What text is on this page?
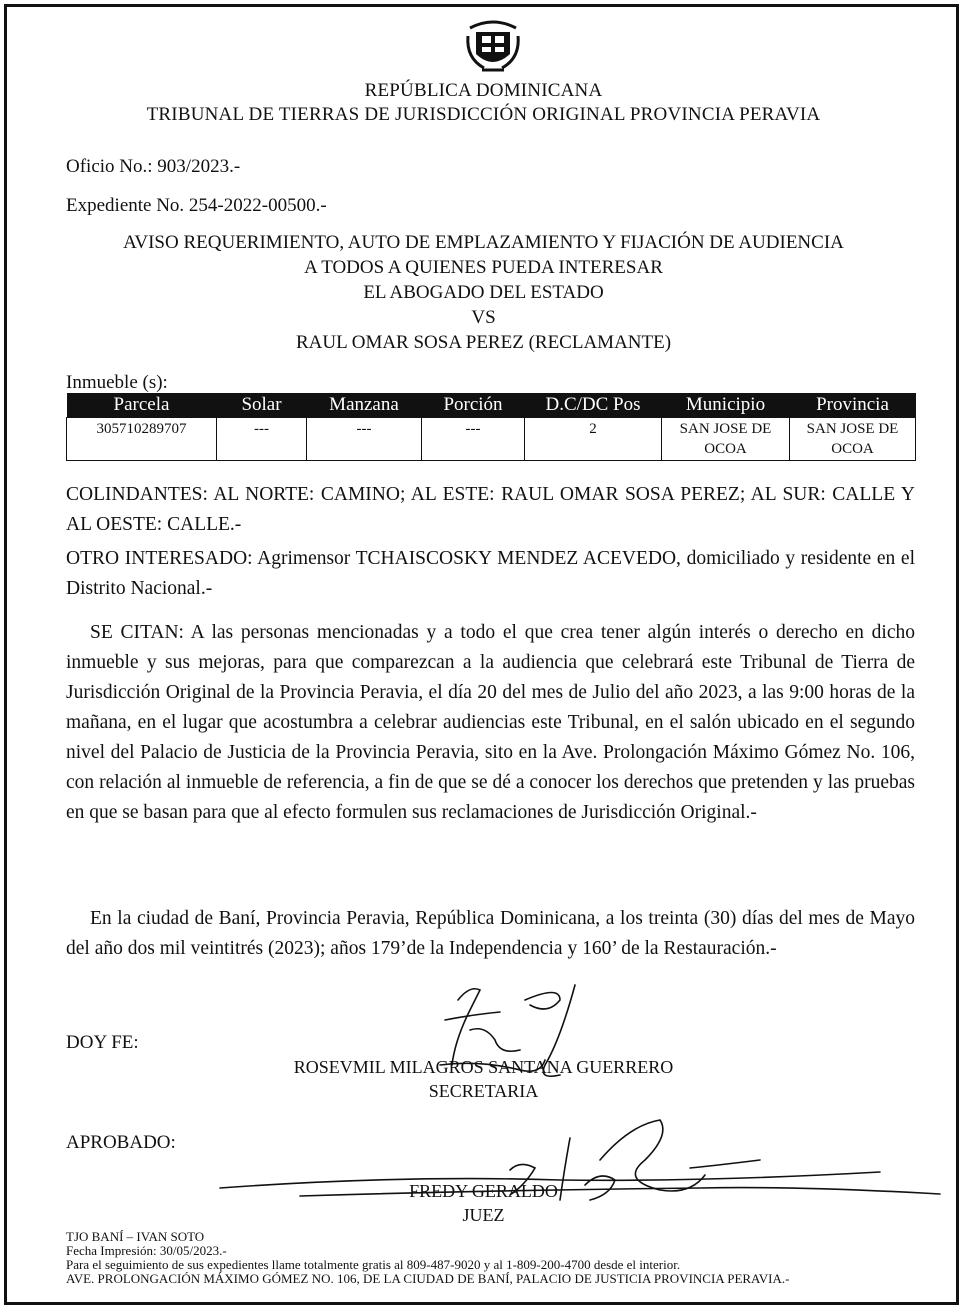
REPÚBLICA DOMINICANA
TRIBUNAL DE TIERRAS DE JURISDICCIÓN ORIGINAL PROVINCIA PERAVIA
Oficio No.: 903/2023.-
Expediente No. 254-2022-00500.-
AVISO REQUERIMIENTO, AUTO DE EMPLAZAMIENTO Y FIJACIÓN DE AUDIENCIA
A TODOS A QUIENES PUEDA INTERESAR
EL ABOGADO DEL ESTADO
VS
RAUL OMAR SOSA PEREZ (RECLAMANTE)
Inmueble (s):
Parcela	Solar	Manzana	Porción	D.C/DC Pos	Municipio	Provincia
305710289707	---	---	---	2	SAN JOSE DE OCOA	SAN JOSE DE OCOA
COLINDANTES: AL NORTE: CAMINO; AL ESTE: RAUL OMAR SOSA PEREZ; AL SUR: CALLE Y AL OESTE: CALLE.-
OTRO INTERESADO: Agrimensor TCHAISCOSKY MENDEZ ACEVEDO, domiciliado y residente en el Distrito Nacional.-
SE CITAN: A las personas mencionadas y a todo el que crea tener algún interés o derecho en dicho inmueble y sus mejoras, para que comparezcan a la audiencia que celebrará este Tribunal de Tierra de Jurisdicción Original de la Provincia Peravia, el día 20 del mes de Julio del año 2023, a las 9:00 horas de la mañana, en el lugar que acostumbra a celebrar audiencias este Tribunal, en el salón ubicado en el segundo nivel del Palacio de Justicia de la Provincia Peravia, sito en la Ave. Prolongación Máximo Gómez No. 106, con relación al inmueble de referencia, a fin de que se dé a conocer los derechos que pretenden y las pruebas en que se basan para que al efecto formulen sus reclamaciones de Jurisdicción Original.-
En la ciudad de Baní, Provincia Peravia, República Dominicana, a los treinta (30) días del mes de Mayo del año dos mil veintitrés (2023); años 179’de la Independencia y 160’ de la Restauración.-
DOY FE:
ROSEVMIL MILAGROS SANTANA GUERRERO
SECRETARIA
APROBADO:
FREDY GERALDO
JUEZ
TJO BANÍ – IVAN SOTO
Fecha Impresión: 30/05/2023.-
Para el seguimiento de sus expedientes llame totalmente gratis al 809-487-9020 y al 1-809-200-4700 desde el interior.
AVE. PROLONGACIÓN MÁXIMO GÓMEZ NO. 106, DE LA CIUDAD DE BANÍ, PALACIO DE JUSTICIA PROVINCIA PERAVIA.-
